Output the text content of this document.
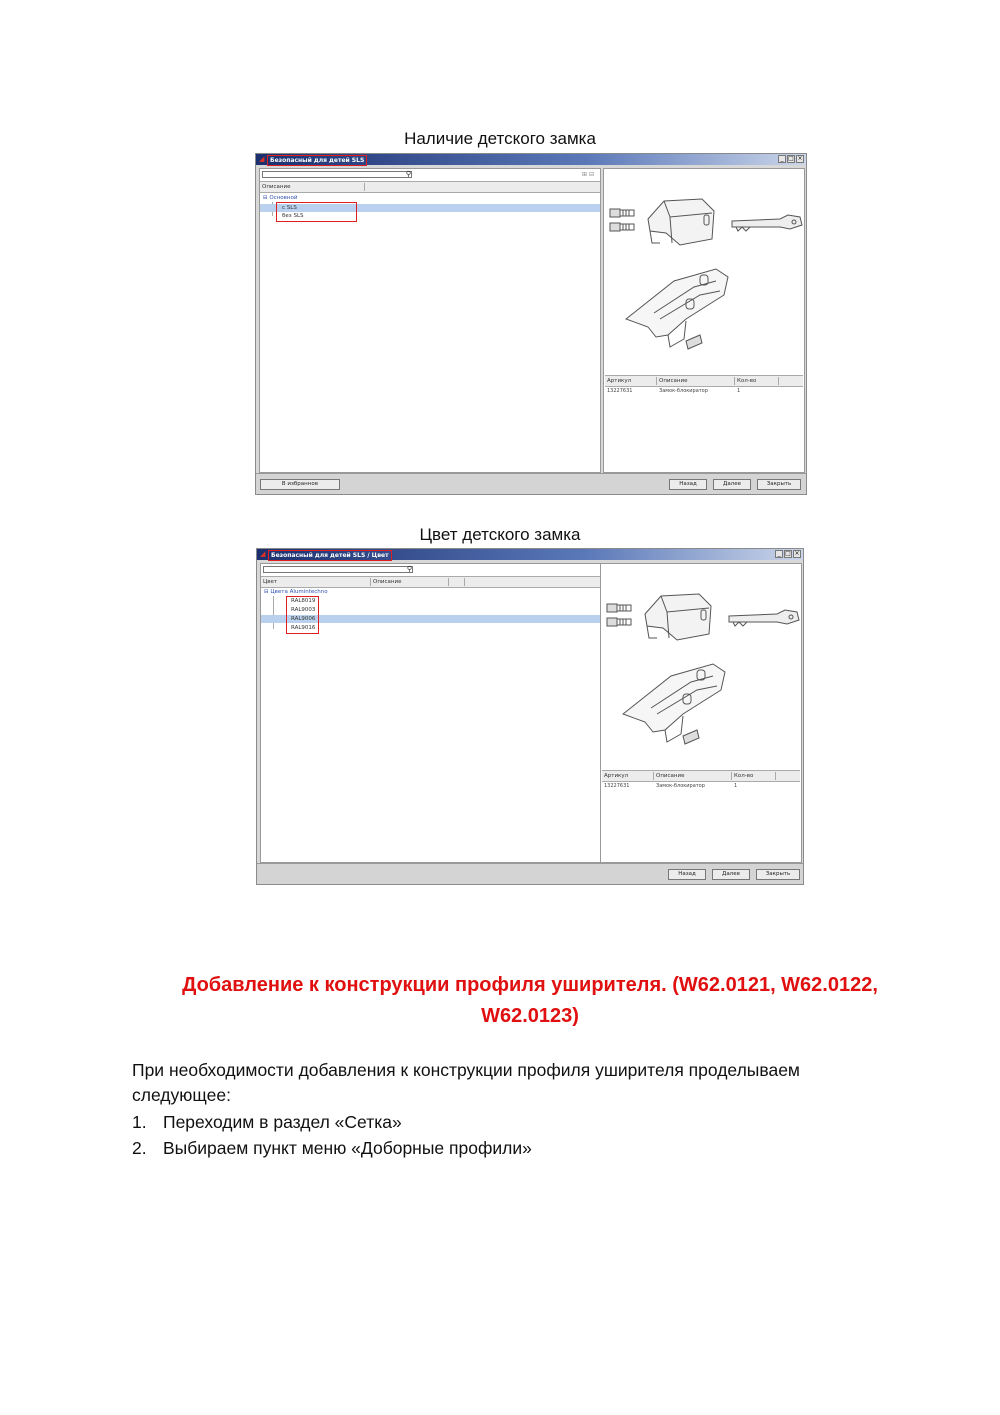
Наличие детского замка
◢ Безопасный для детей SLS	_ □ ×
⚲	⊞ ⊟
Описание
⊟ Основной
с SLS
без SLS
Артикул	Описание	Кол-во
13227631	Замок-блокиратор	1
В избранное	Назад	Далее	Закрыть
Цвет детского замка
◢ Безопасный для детей SLS / Цвет	_ □ ×
⚲
Цвет	Описание
⊟ Цвета Alumintechno
RAL8019
RAL9003
RAL9006
RAL9016
Артикул	Описание	Кол-во
13227631	Замок-блокиратор	1
Назад	Далее	Закрыть
Добавление к конструкции профиля уширителя. (W62.0121, W62.0122,
W62.0123)
При необходимости добавления к конструкции профиля уширителя проделываем следующее:
1. Переходим в раздел «Сетка»
2. Выбираем пункт меню «Доборные профили»
